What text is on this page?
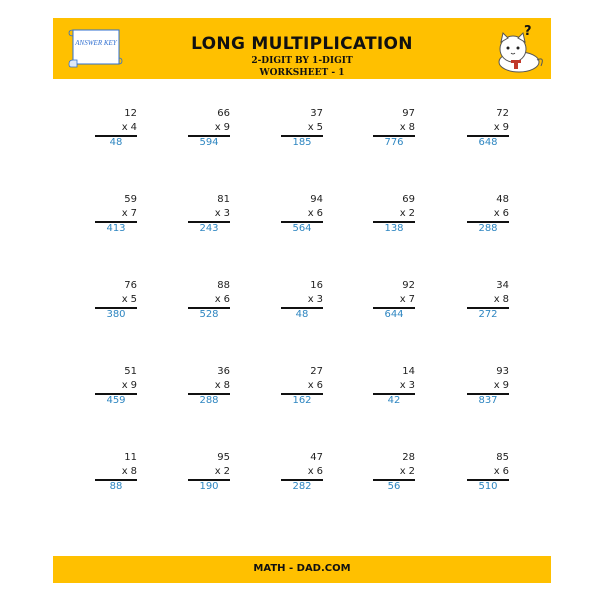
ANSWER KEY	LONG MULTIPLICATION
2-DIGIT BY 1-DIGIT
WORKSHEET - 1
?
12
x 4
48
66
x 9
594
37
x 5
185
97
x 8
776
72
x 9
648
59
x 7
413
81
x 3
243
94
x 6
564
69
x 2
138
48
x 6
288
76
x 5
380
88
x 6
528
16
x 3
48
92
x 7
644
34
x 8
272
51
x 9
459
36
x 8
288
27
x 6
162
14
x 3
42
93
x 9
837
11
x 8
88
95
x 2
190
47
x 6
282
28
x 2
56
85
x 6
510
MATH - DAD.COM
